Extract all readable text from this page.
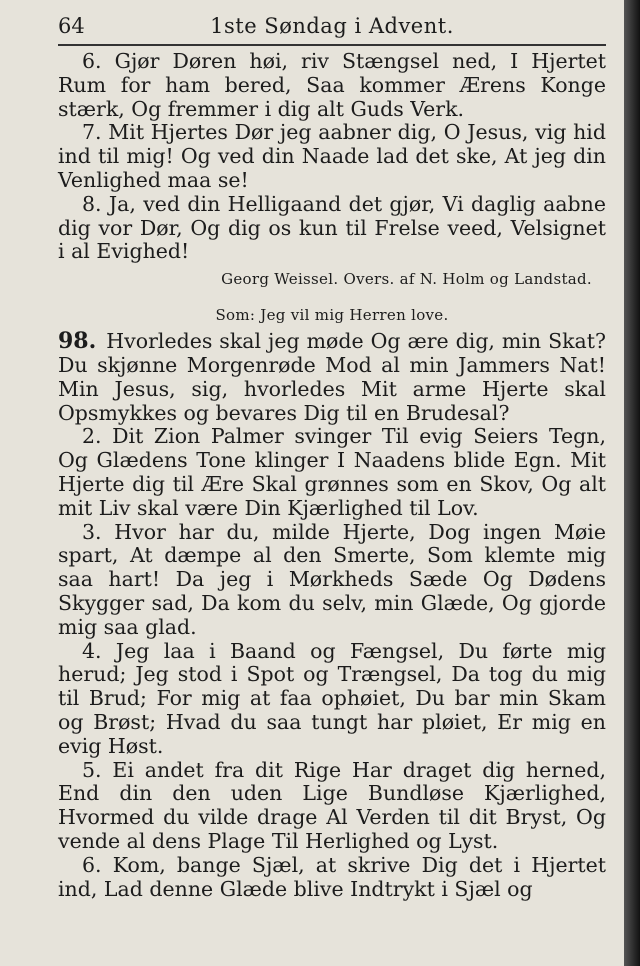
64	1ste Søndag i Advent.

6. Gjør Døren høi, riv Stængsel ned, I Hjertet Rum for ham bered, Saa kommer Ærens Konge stærk, Og fremmer i dig alt Guds Verk.

7. Mit Hjertes Dør jeg aabner dig, O Jesus, vig hid ind til mig! Og ved din Naade lad det ske, At jeg din Venlighed maa se!

8. Ja, ved din Helligaand det gjør, Vi daglig aabne dig vor Dør, Og dig os kun til Frelse veed, Velsignet i al Evighed!

Georg Weissel. Overs. af N. Holm og Landstad.

Som: Jeg vil mig Herren love.

98. Hvorledes skal jeg møde Og ære dig, min Skat? Du skjønne Morgenrøde Mod al min Jammers Nat! Min Jesus, sig, hvorledes Mit arme Hjerte skal Opsmykkes og bevares Dig til en Brudesal?

2. Dit Zion Palmer svinger Til evig Seiers Tegn, Og Glædens Tone klinger I Naadens blide Egn. Mit Hjerte dig til Ære Skal grønnes som en Skov, Og alt mit Liv skal være Din Kjærlighed til Lov.

3. Hvor har du, milde Hjerte, Dog ingen Møie spart, At dæmpe al den Smerte, Som klemte mig saa hart! Da jeg i Mørkheds Sæde Og Dødens Skygger sad, Da kom du selv, min Glæde, Og gjorde mig saa glad.

4. Jeg laa i Baand og Fængsel, Du førte mig herud; Jeg stod i Spot og Trængsel, Da tog du mig til Brud; For mig at faa ophøiet, Du bar min Skam og Brøst; Hvad du saa tungt har pløiet, Er mig en evig Høst.

5. Ei andet fra dit Rige Har draget dig herned, End din den uden Lige Bundløse Kjærlighed, Hvormed du vilde drage Al Verden til dit Bryst, Og vende al dens Plage Til Herlighed og Lyst.

6. Kom, bange Sjæl, at skrive Dig det i Hjertet ind, Lad denne Glæde blive Indtrykt i Sjæl og
